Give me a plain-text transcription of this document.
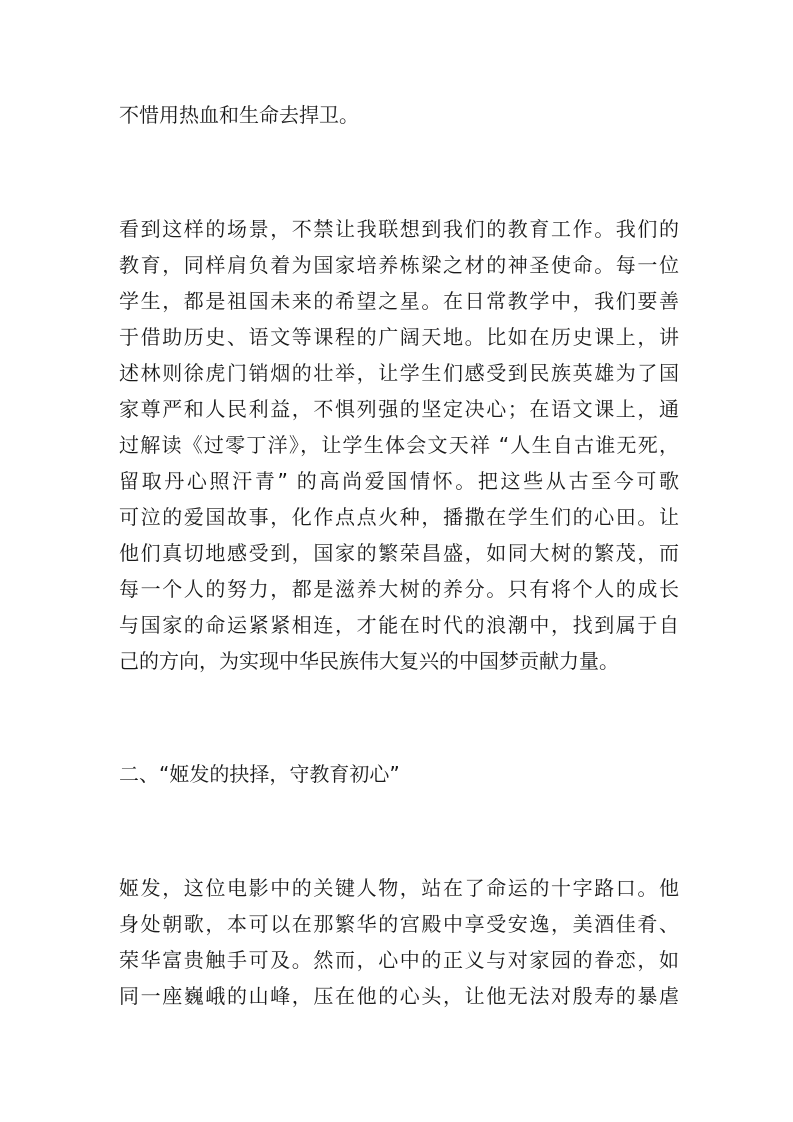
不惜用热血和生命去捍卫。
看到这样的场景，不禁让我联想到我们的教育工作。我们的
教育，同样肩负着为国家培养栋梁之材的神圣使命。每一位
学生，都是祖国未来的希望之星。在日常教学中，我们要善
于借助历史、语文等课程的广阔天地。比如在历史课上，讲
述林则徐虎门销烟的壮举，让学生们感受到民族英雄为了国
家尊严和人民利益，不惧列强的坚定决心；在语文课上，通
过解读《过零丁洋》，让学生体会文天祥 “人生自古谁无死，
留取丹心照汗青” 的高尚爱国情怀。把这些从古至今可歌
可泣的爱国故事，化作点点火种，播撒在学生们的心田。让
他们真切地感受到，国家的繁荣昌盛，如同大树的繁茂，而
每一个人的努力，都是滋养大树的养分。只有将个人的成长
与国家的命运紧紧相连，才能在时代的浪潮中，找到属于自
己的方向，为实现中华民族伟大复兴的中国梦贡献力量。
二、“姬发的抉择，守教育初心”
姬发，这位电影中的关键人物，站在了命运的十字路口。他
身处朝歌，本可以在那繁华的宫殿中享受安逸，美酒佳肴、
荣华富贵触手可及。然而，心中的正义与对家园的眷恋，如
同一座巍峨的山峰，压在他的心头，让他无法对殷寿的暴虐
